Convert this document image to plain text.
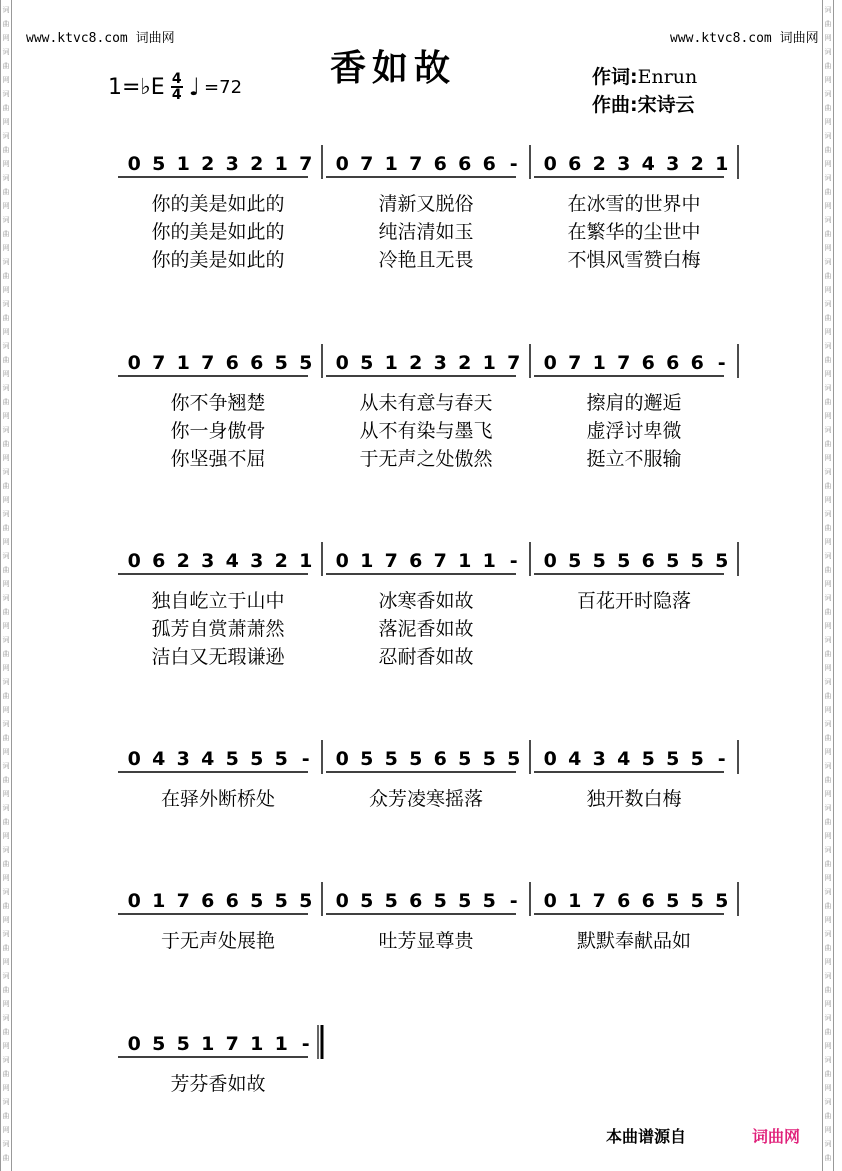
词
曲
网
词
曲
网
词
曲
网
词
曲
网
词
曲
网
词
曲
网
词
曲
网
词
曲
网
词
曲
网
词
曲
网
词
曲
网
词
曲
网
词
曲
网
词
曲
网
词
曲
网
词
曲
网
词
曲
网
词
曲
网
词
曲
网
词
曲
网
词
曲
网
词
曲
网
词
曲
网
词
曲
网
词
曲
网
词
曲
网
词
曲
网
词
曲
词
曲
网
词
曲
网
词
曲
网
词
曲
网
词
曲
网
词
曲
网
词
曲
网
词
曲
网
词
曲
网
词
曲
网
词
曲
网
词
曲
网
词
曲
网
词
曲
网
词
曲
网
词
曲
网
词
曲
网
词
曲
网
词
曲
网
词
曲
网
词
曲
网
词
曲
网
词
曲
网
词
曲
网
词
曲
网
词
曲
网
词
曲
网
词
曲
www.ktvc8.com 词曲网	www.ktvc8.com 词曲网
香如故	作词:Enrun
作曲:宋诗云
1=♭E $\frac{4}{4}$ ♩ =72
0 5 1 2 3 2 1 7 0 7 1 7 6 6 6 - 0 6 2 3 4 3 2 1
0 7 1 7 6 6 5 5 0 5 1 2 3 2 1 7 0 7 1 7 6 6 6 -
0 6 2 3 4 3 2 1 0 1 7 6 7 1 1 - 0 5 5 5 6 5 5 5
0 4 3 4 5 5 5 - 0 5 5 5 6 5 5 5 0 4 3 4 5 5 5 -
0 1 7 6 6 5 5 5 0 5 5 6 5 5 5 - 0 1 7 6 6 5 5 5
0 5 5 1 7 1 1 -
你的美是如此的	清新又脱俗	在冰雪的世界中
你的美是如此的	纯洁清如玉	在繁华的尘世中
你的美是如此的	冷艳且无畏	不惧风雪赞白梅
你不争翘楚	从未有意与春天	擦肩的邂逅
你一身傲骨	从不有染与墨飞	虚浮讨卑微
你坚强不屈	于无声之处傲然	挺立不服输
独自屹立于山中	冰寒香如故	百花开时隐落
孤芳自赏萧萧然	落泥香如故
洁白又无瑕谦逊	忍耐香如故
在驿外断桥处	众芳凌寒摇落	独开数白梅
于无声处展艳	吐芳显尊贵	默默奉献品如
芳芬香如故
本曲谱源自	词曲网
